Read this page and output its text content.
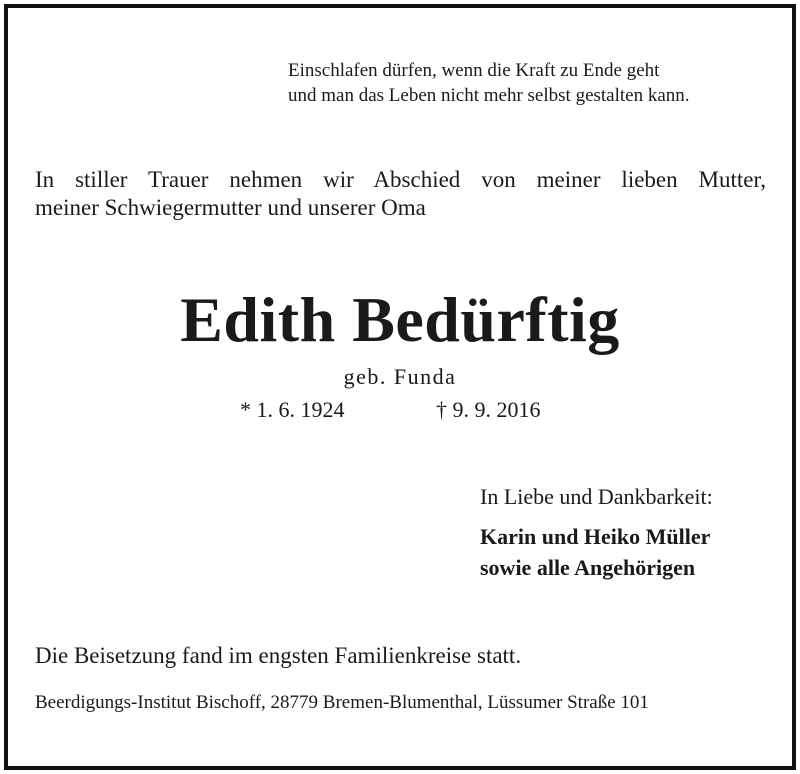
Einschlafen dürfen, wenn die Kraft zu Ende geht
und man das Leben nicht mehr selbst gestalten kann.
In stiller Trauer nehmen wir Abschied von meiner lieben Mutter,
meiner Schwiegermutter und unserer Oma
Edith Bedürftig
geb. Funda
* 1. 6. 1924	† 9. 9. 2016
In Liebe und Dankbarkeit:
Karin und Heiko Müller
sowie alle Angehörigen
Die Beisetzung fand im engsten Familienkreise statt.
Beerdigungs-Institut Bischoff, 28779 Bremen-Blumenthal, Lüssumer Straße 101
